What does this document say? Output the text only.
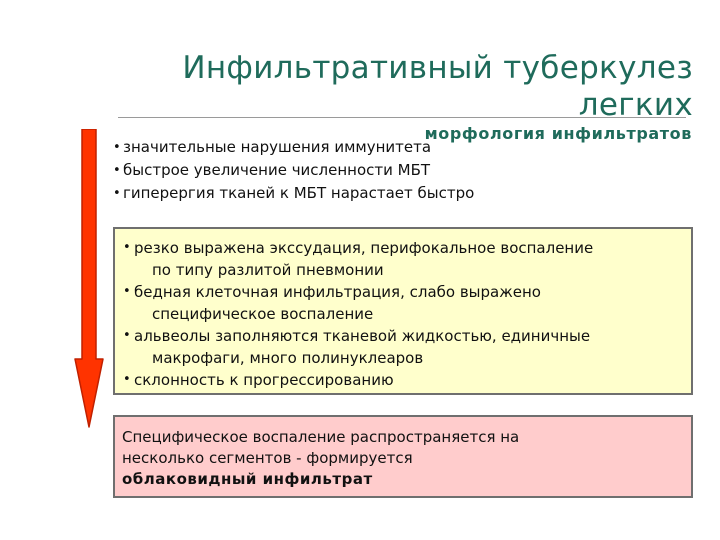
Инфильтративный туберкулез
легких
морфология инфильтратов
• значительные нарушения иммунитета
• быстрое увеличение численности МБТ
• гиперергия тканей к МБТ нарастает быстро
• резко выражена экссудация, перифокальное воспаление
по типу разлитой пневмонии
• бедная клеточная инфильтрация, слабо выражено
специфическое воспаление
• альвеолы заполняются тканевой жидкостью, единичные
макрофаги, много полинуклеаров
• склонность к прогрессированию
Специфическое воспаление распространяется на
несколько сегментов - формируется
облаковидный инфильтрат
